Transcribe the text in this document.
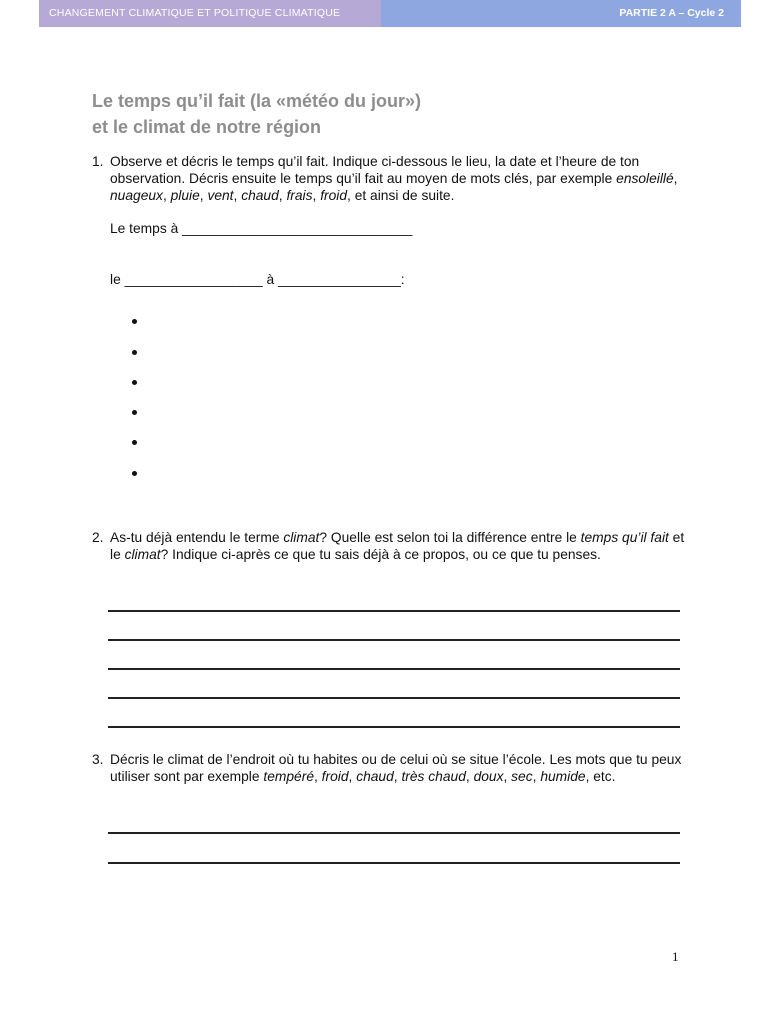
CHANGEMENT CLIMATIQUE ET POLITIQUE CLIMATIQUE	PARTIE 2 A – Cycle 2
Le temps qu’il fait (la «météo du jour»)
et le climat de notre région
1. Observe et décris le temps qu’il fait. Indique ci-dessous le lieu, la date et l’heure de ton observation. Décris ensuite le temps qu’il fait au moyen de mots clés, par exemple ensoleillé, nuageux, pluie, vent, chaud, frais, froid, et ainsi de suite.
Le temps à ______________________________
le __________________ à ________________:
2. As-tu déjà entendu le terme climat? Quelle est selon toi la différence entre le temps qu’il fait et le climat? Indique ci-après ce que tu sais déjà à ce propos, ou ce que tu penses.
3. Décris le climat de l’endroit où tu habites ou de celui où se situe l’école. Les mots que tu peux utiliser sont par exemple tempéré, froid, chaud, très chaud, doux, sec, humide, etc.
1
